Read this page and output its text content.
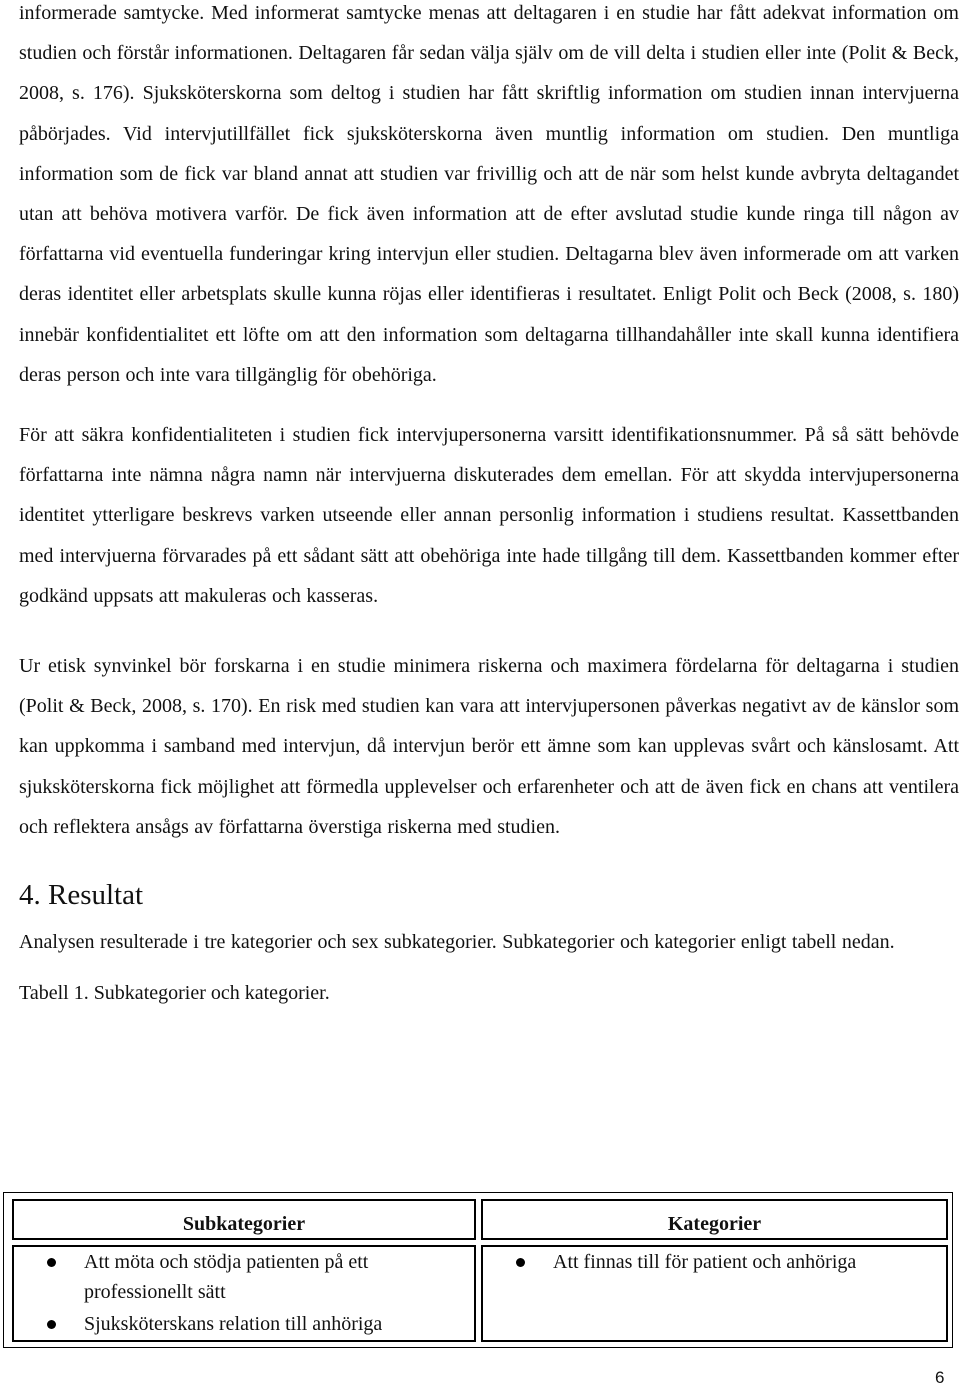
informerade samtycke. Med informerat samtycke menas att deltagaren i en studie har fått adekvat information om studien och förstår informationen. Deltagaren får sedan välja själv om de vill delta i studien eller inte (Polit & Beck, 2008, s. 176). Sjuksköterskorna som deltog i studien har fått skriftlig information om studien innan intervjuerna påbörjades. Vid intervjutillfället fick sjuksköterskorna även muntlig information om studien. Den muntliga information som de fick var bland annat att studien var frivillig och att de när som helst kunde avbryta deltagandet utan att behöva motivera varför. De fick även information att de efter avslutad studie kunde ringa till någon av författarna vid eventuella funderingar kring intervjun eller studien. Deltagarna blev även informerade om att varken deras identitet eller arbetsplats skulle kunna röjas eller identifieras i resultatet. Enligt Polit och Beck (2008, s. 180) innebär konfidentialitet ett löfte om att den information som deltagarna tillhandahåller inte skall kunna identifiera deras person och inte vara tillgänglig för obehöriga.

För att säkra konfidentialiteten i studien fick intervjupersonerna varsitt identifikationsnummer. På så sätt behövde författarna inte nämna några namn när intervjuerna diskuterades dem emellan. För att skydda intervjupersonerna identitet ytterligare beskrevs varken utseende eller annan personlig information i studiens resultat. Kassettbanden med intervjuerna förvarades på ett sådant sätt att obehöriga inte hade tillgång till dem. Kassettbanden kommer efter godkänd uppsats att makuleras och kasseras.

Ur etisk synvinkel bör forskarna i en studie minimera riskerna och maximera fördelarna för deltagarna i studien (Polit & Beck, 2008, s. 170). En risk med studien kan vara att intervjupersonen påverkas negativt av de känslor som kan uppkomma i samband med intervjun, då intervjun berör ett ämne som kan upplevas svårt och känslosamt. Att sjuksköterskorna fick möjlighet att förmedla upplevelser och erfarenheter och att de även fick en chans att ventilera och reflektera ansågs av författarna överstiga riskerna med studien.

4. Resultat

Analysen resulterade i tre kategorier och sex subkategorier. Subkategorier och kategorier enligt tabell nedan.

Tabell 1. Subkategorier och kategorier.

Subkategorier	Kategorier
Att möta och stödja patienten på ett professionellt sätt
Sjuksköterskans relation till anhöriga
Att finnas till för patient och anhöriga
6
